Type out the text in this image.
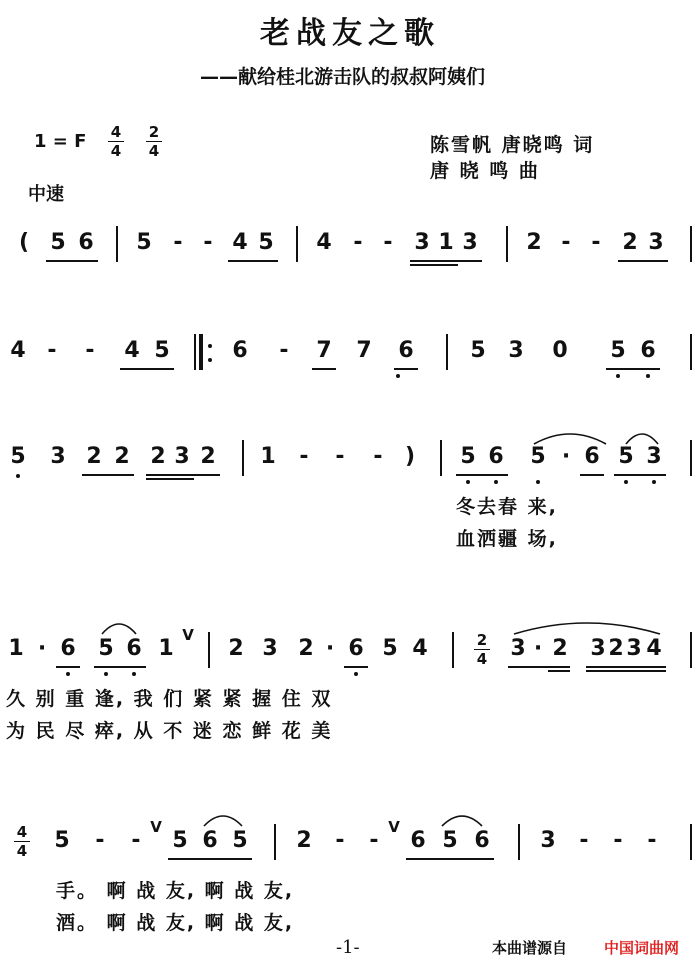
老战友之歌
——献给桂北游击队的叔叔阿姨们
1 = F 4
4
2
4	陈雪帆 唐晓鸣 词
唐 晓 鸣 曲
中速
( 5 6 5 - - 4 5 4 - - 3 1 3 2 - - 2 3
4 - - 4 5	6 - 7 7 6	5 3 0 5 6
5 3 2 2 2 3 2 1 - - - ) 5 6 5 · 6 5 3
冬去春 来,
血洒疆 场,
1 · 6 5 6 1
V
2 3 2 · 6 5 4	2
4 3 · 2 3 2 3 4
久 别 重 逢, 我 们 紧 紧 握 住 双
为 民 尽 瘁, 从 不 迷 恋 鲜 花 美
4
4 5 - -
V
5 6 5 2 - -
V
6 5 6 3 - - -
手。 啊 战 友, 啊 战 友,
酒。 啊 战 友, 啊 战 友,
-1-	本曲谱源自 中国词曲网
